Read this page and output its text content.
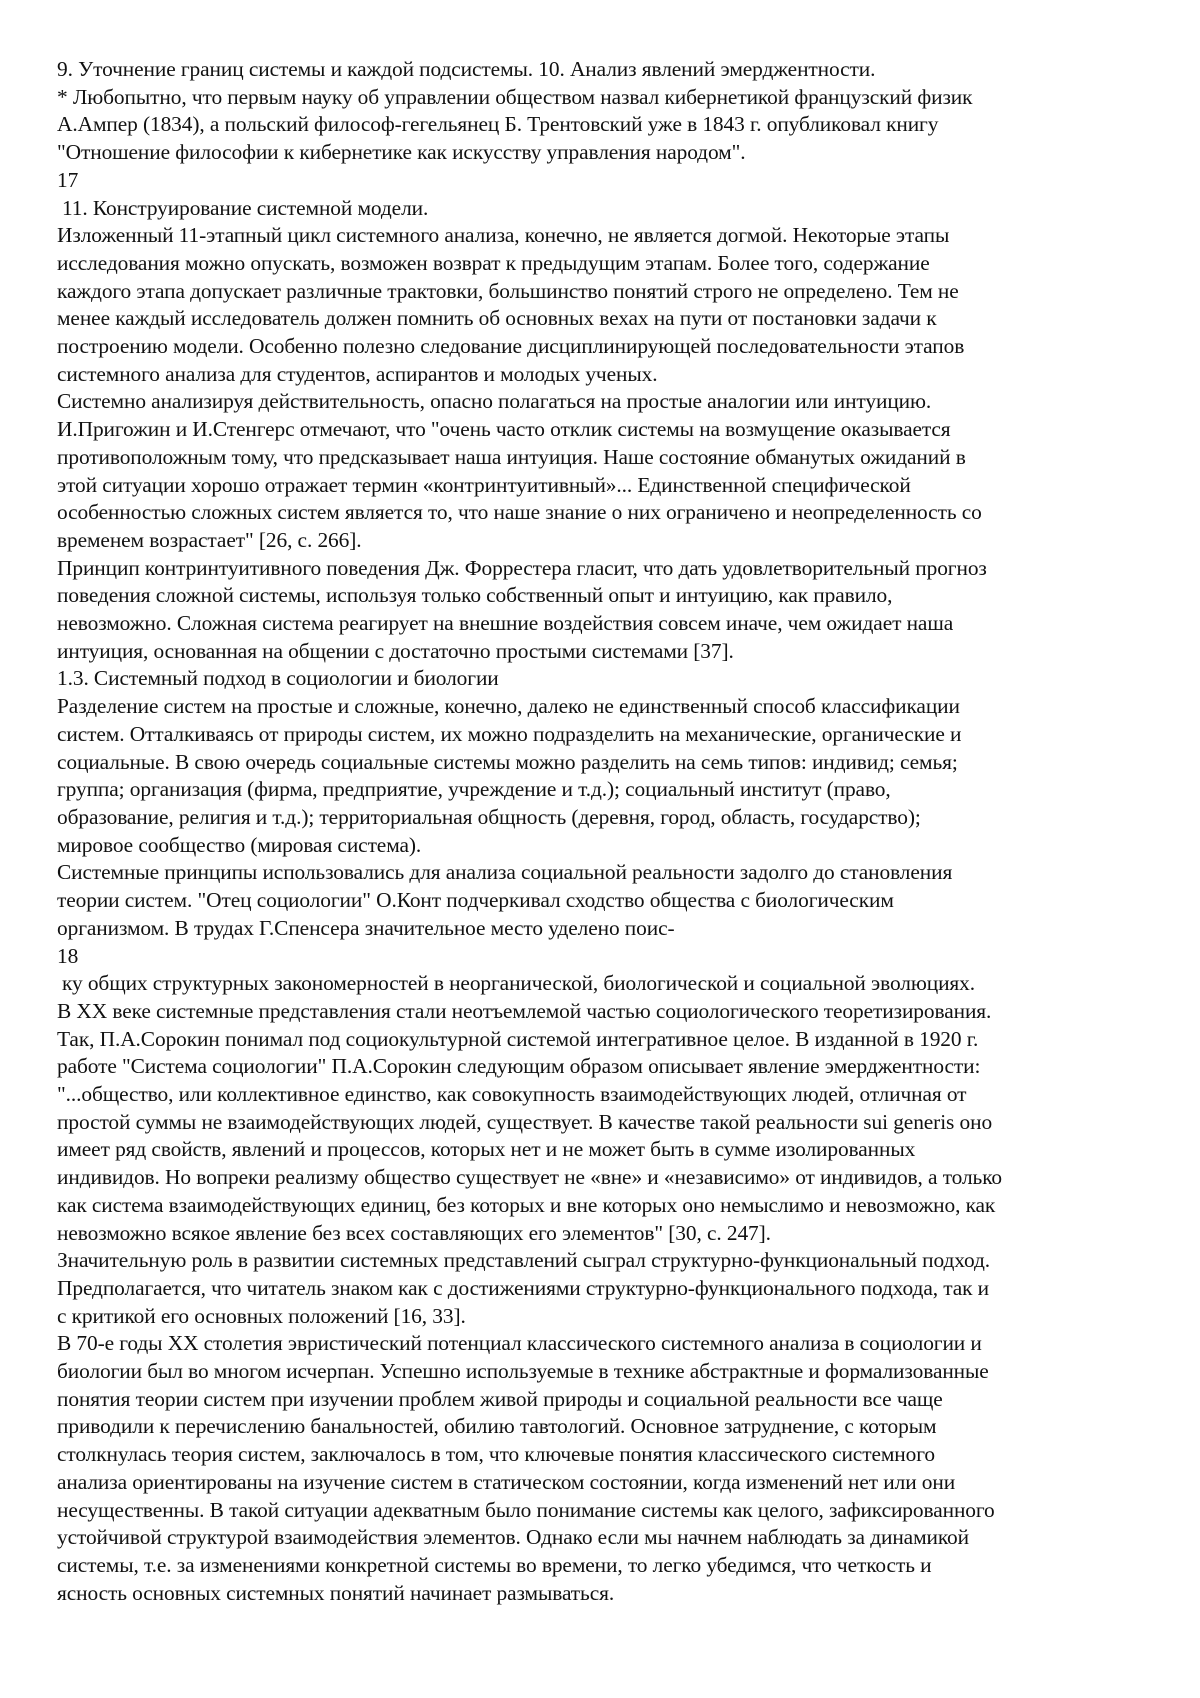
9. Уточнение границ системы и каждой подсистемы. 10. Анализ явлений эмерджентности.
* Любопытно, что первым науку об управлении обществом назвал кибернетикой французский физик
А.Ампер (1834), а польский философ-гегельянец Б. Трентовский уже в 1843 г. опубликовал книгу
"Отношение философии к кибернетике как искусству управления народом".
17
11. Конструирование системной модели.
Изложенный 11-этапный цикл системного анализа, конечно, не является догмой. Некоторые этапы
исследования можно опускать, возможен возврат к предыдущим этапам. Более того, содержание
каждого этапа допускает различные трактовки, большинство понятий строго не определено. Тем не
менее каждый исследователь должен помнить об основных вехах на пути от постановки задачи к
построению модели. Особенно полезно следование дисциплинирующей последовательности этапов
системного анализа для студентов, аспирантов и молодых ученых.
Системно анализируя действительность, опасно полагаться на простые аналогии или интуицию.
И.Пригожин и И.Стенгерс отмечают, что "очень часто отклик системы на возмущение оказывается
противоположным тому, что предсказывает наша интуиция. Наше состояние обманутых ожиданий в
этой ситуации хорошо отражает термин «контринтуитивный»... Единственной специфической
особенностью сложных систем является то, что наше знание о них ограничено и неопределенность со
временем возрастает" [26, с. 266].
Принцип контринтуитивного поведения Дж. Форрестера гласит, что дать удовлетворительный прогноз
поведения сложной системы, используя только собственный опыт и интуицию, как правило,
невозможно. Сложная система реагирует на внешние воздействия совсем иначе, чем ожидает наша
интуиция, основанная на общении с достаточно простыми системами [37].
1.3. Системный подход в социологии и биологии
Разделение систем на простые и сложные, конечно, далеко не единственный способ классификации
систем. Отталкиваясь от природы систем, их можно подразделить на механические, органические и
социальные. В свою очередь социальные системы можно разделить на семь типов: индивид; семья;
группа; организация (фирма, предприятие, учреждение и т.д.); социальный институт (право,
образование, религия и т.д.); территориальная общность (деревня, город, область, государство);
мировое сообщество (мировая система).
Системные принципы использовались для анализа социальной реальности задолго до становления
теории систем. "Отец социологии" О.Конт подчеркивал сходство общества с биологическим
организмом. В трудах Г.Спенсера значительное место уделено поис-
18
ку общих структурных закономерностей в неорганической, биологической и социальной эволюциях.
В XX веке системные представления стали неотъемлемой частью социологического теоретизирования.
Так, П.А.Сорокин понимал под социокультурной системой интегративное целое. В изданной в 1920 г.
работе "Система социологии" П.А.Сорокин следующим образом описывает явление эмерджентности:
"...общество, или коллективное единство, как совокупность взаимодействующих людей, отличная от
простой суммы не взаимодействующих людей, существует. В качестве такой реальности sui generis оно
имеет ряд свойств, явлений и процессов, которых нет и не может быть в сумме изолированных
индивидов. Но вопреки реализму общество существует не «вне» и «независимо» от индивидов, а только
как система взаимодействующих единиц, без которых и вне которых оно немыслимо и невозможно, как
невозможно всякое явление без всех составляющих его элементов" [30, с. 247].
Значительную роль в развитии системных представлений сыграл структурно-функциональный подход.
Предполагается, что читатель знаком как с достижениями структурно-функционального подхода, так и
с критикой его основных положений [16, 33].
В 70-е годы XX столетия эвристический потенциал классического системного анализа в социологии и
биологии был во многом исчерпан. Успешно используемые в технике абстрактные и формализованные
понятия теории систем при изучении проблем живой природы и социальной реальности все чаще
приводили к перечислению банальностей, обилию тавтологий. Основное затруднение, с которым
столкнулась теория систем, заключалось в том, что ключевые понятия классического системного
анализа ориентированы на изучение систем в статическом состоянии, когда изменений нет или они
несущественны. В такой ситуации адекватным было понимание системы как целого, зафиксированного
устойчивой структурой взаимодействия элементов. Однако если мы начнем наблюдать за динамикой
системы, т.е. за изменениями конкретной системы во времени, то легко убедимся, что четкость и
ясность основных системных понятий начинает размываться.
